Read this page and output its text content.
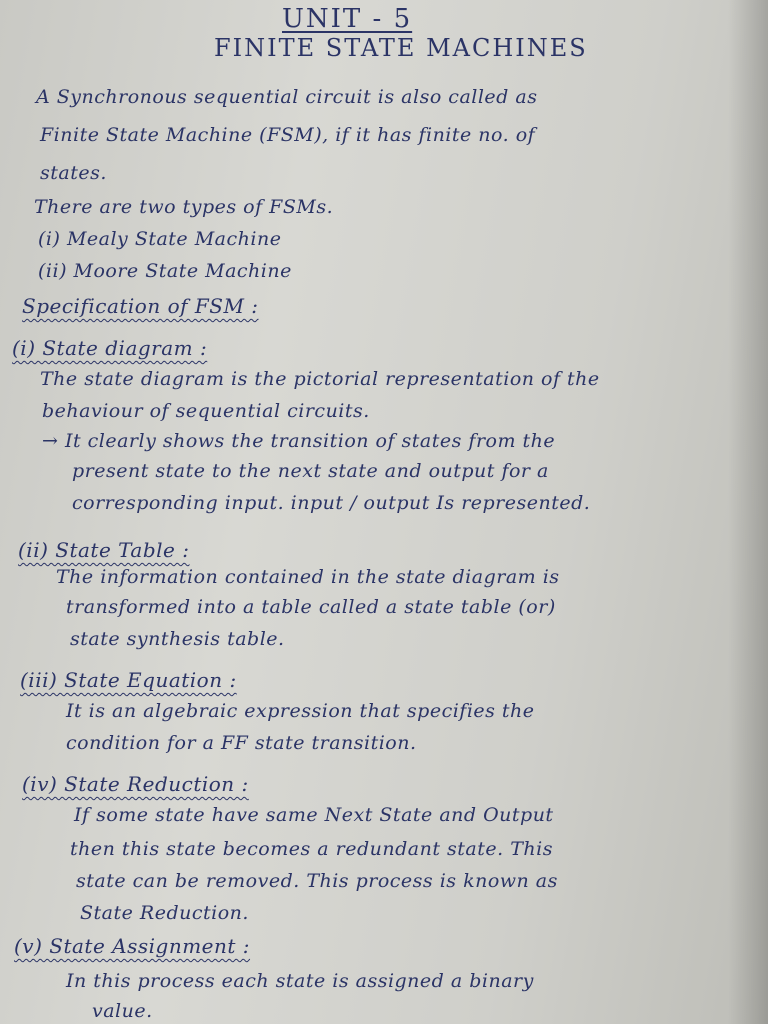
UNIT - 5
FINITE STATE MACHINES
A Synchronous sequential circuit is also called as
Finite State Machine (FSM), if it has finite no. of
states.
There are two types of FSMs.
(i) Mealy State Machine
(ii) Moore State Machine
Specification of FSM :
(i) State diagram :
The state diagram is the pictorial representation of the
behaviour of sequential circuits.
→ It clearly shows the transition of states from the
present state to the next state and output for a
corresponding input. input / output Is represented.
(ii) State Table :
The information contained in the state diagram is
transformed into a table called a state table (or)
state synthesis table.
(iii) State Equation :
It is an algebraic expression that specifies the
condition for a FF state transition.
(iv) State Reduction :
If some state have same Next State and Output
then this state becomes a redundant state. This
state can be removed. This process is known as
State Reduction.
(v) State Assignment :
In this process each state is assigned a binary
value.
